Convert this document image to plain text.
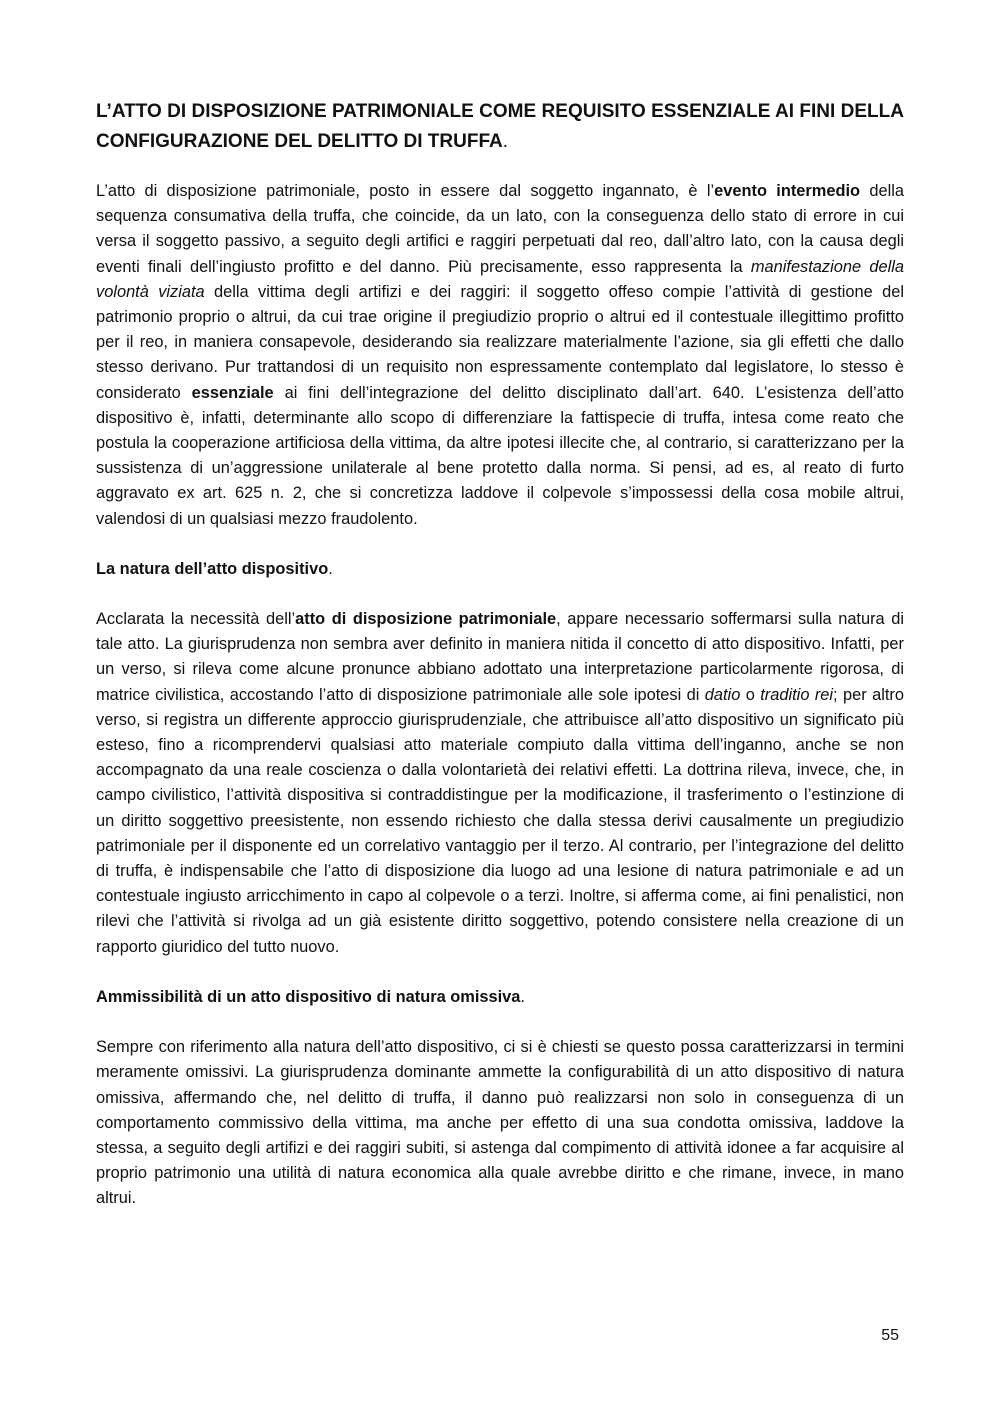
L’ATTO DI DISPOSIZIONE PATRIMONIALE COME REQUISITO ESSENZIALE AI FINI DELLA CONFIGURAZIONE DEL DELITTO DI TRUFFA.

L’atto di disposizione patrimoniale, posto in essere dal soggetto ingannato, è l’evento intermedio della sequenza consumativa della truffa, che coincide, da un lato, con la conseguenza dello stato di errore in cui versa il soggetto passivo, a seguito degli artifici e raggiri perpetuati dal reo, dall’altro lato, con la causa degli eventi finali dell’ingiusto profitto e del danno. Più precisamente, esso rappresenta la manifestazione della volontà viziata della vittima degli artifizi e dei raggiri: il soggetto offeso compie l’attività di gestione del patrimonio proprio o altrui, da cui trae origine il pregiudizio proprio o altrui ed il contestuale illegittimo profitto per il reo, in maniera consapevole, desiderando sia realizzare materialmente l’azione, sia gli effetti che dallo stesso derivano. Pur trattandosi di un requisito non espressamente contemplato dal legislatore, lo stesso è considerato essenziale ai fini dell’integrazione del delitto disciplinato dall’art. 640. L’esistenza dell’atto dispositivo è, infatti, determinante allo scopo di differenziare la fattispecie di truffa, intesa come reato che postula la cooperazione artificiosa della vittima, da altre ipotesi illecite che, al contrario, si caratterizzano per la sussistenza di un’aggressione unilaterale al bene protetto dalla norma. Si pensi, ad es, al reato di furto aggravato ex art. 625 n. 2, che si concretizza laddove il colpevole s’impossessi della cosa mobile altrui, valendosi di un qualsiasi mezzo fraudolento.

La natura dell’atto dispositivo.

Acclarata la necessità dell’atto di disposizione patrimoniale, appare necessario soffermarsi sulla natura di tale atto. La giurisprudenza non sembra aver definito in maniera nitida il concetto di atto dispositivo. Infatti, per un verso, si rileva come alcune pronunce abbiano adottato una interpretazione particolarmente rigorosa, di matrice civilistica, accostando l’atto di disposizione patrimoniale alle sole ipotesi di datio o traditio rei; per altro verso, si registra un differente approccio giurisprudenziale, che attribuisce all’atto dispositivo un significato più esteso, fino a ricomprendervi qualsiasi atto materiale compiuto dalla vittima dell’inganno, anche se non accompagnato da una reale coscienza o dalla volontarietà dei relativi effetti. La dottrina rileva, invece, che, in campo civilistico, l’attività dispositiva si contraddistingue per la modificazione, il trasferimento o l’estinzione di un diritto soggettivo preesistente, non essendo richiesto che dalla stessa derivi causalmente un pregiudizio patrimoniale per il disponente ed un correlativo vantaggio per il terzo. Al contrario, per l’integrazione del delitto di truffa, è indispensabile che l’atto di disposizione dia luogo ad una lesione di natura patrimoniale e ad un contestuale ingiusto arricchimento in capo al colpevole o a terzi. Inoltre, si afferma come, ai fini penalistici, non rilevi che l’attività si rivolga ad un già esistente diritto soggettivo, potendo consistere nella creazione di un rapporto giuridico del tutto nuovo.

Ammissibilità di un atto dispositivo di natura omissiva.

Sempre con riferimento alla natura dell’atto dispositivo, ci si è chiesti se questo possa caratterizzarsi in termini meramente omissivi. La giurisprudenza dominante ammette la configurabilità di un atto dispositivo di natura omissiva, affermando che, nel delitto di truffa, il danno può realizzarsi non solo in conseguenza di un comportamento commissivo della vittima, ma anche per effetto di una sua condotta omissiva, laddove la stessa, a seguito degli artifizi e dei raggiri subiti, si astenga dal compimento di attività idonee a far acquisire al proprio patrimonio una utilità di natura economica alla quale avrebbe diritto e che rimane, invece, in mano altrui.

55
